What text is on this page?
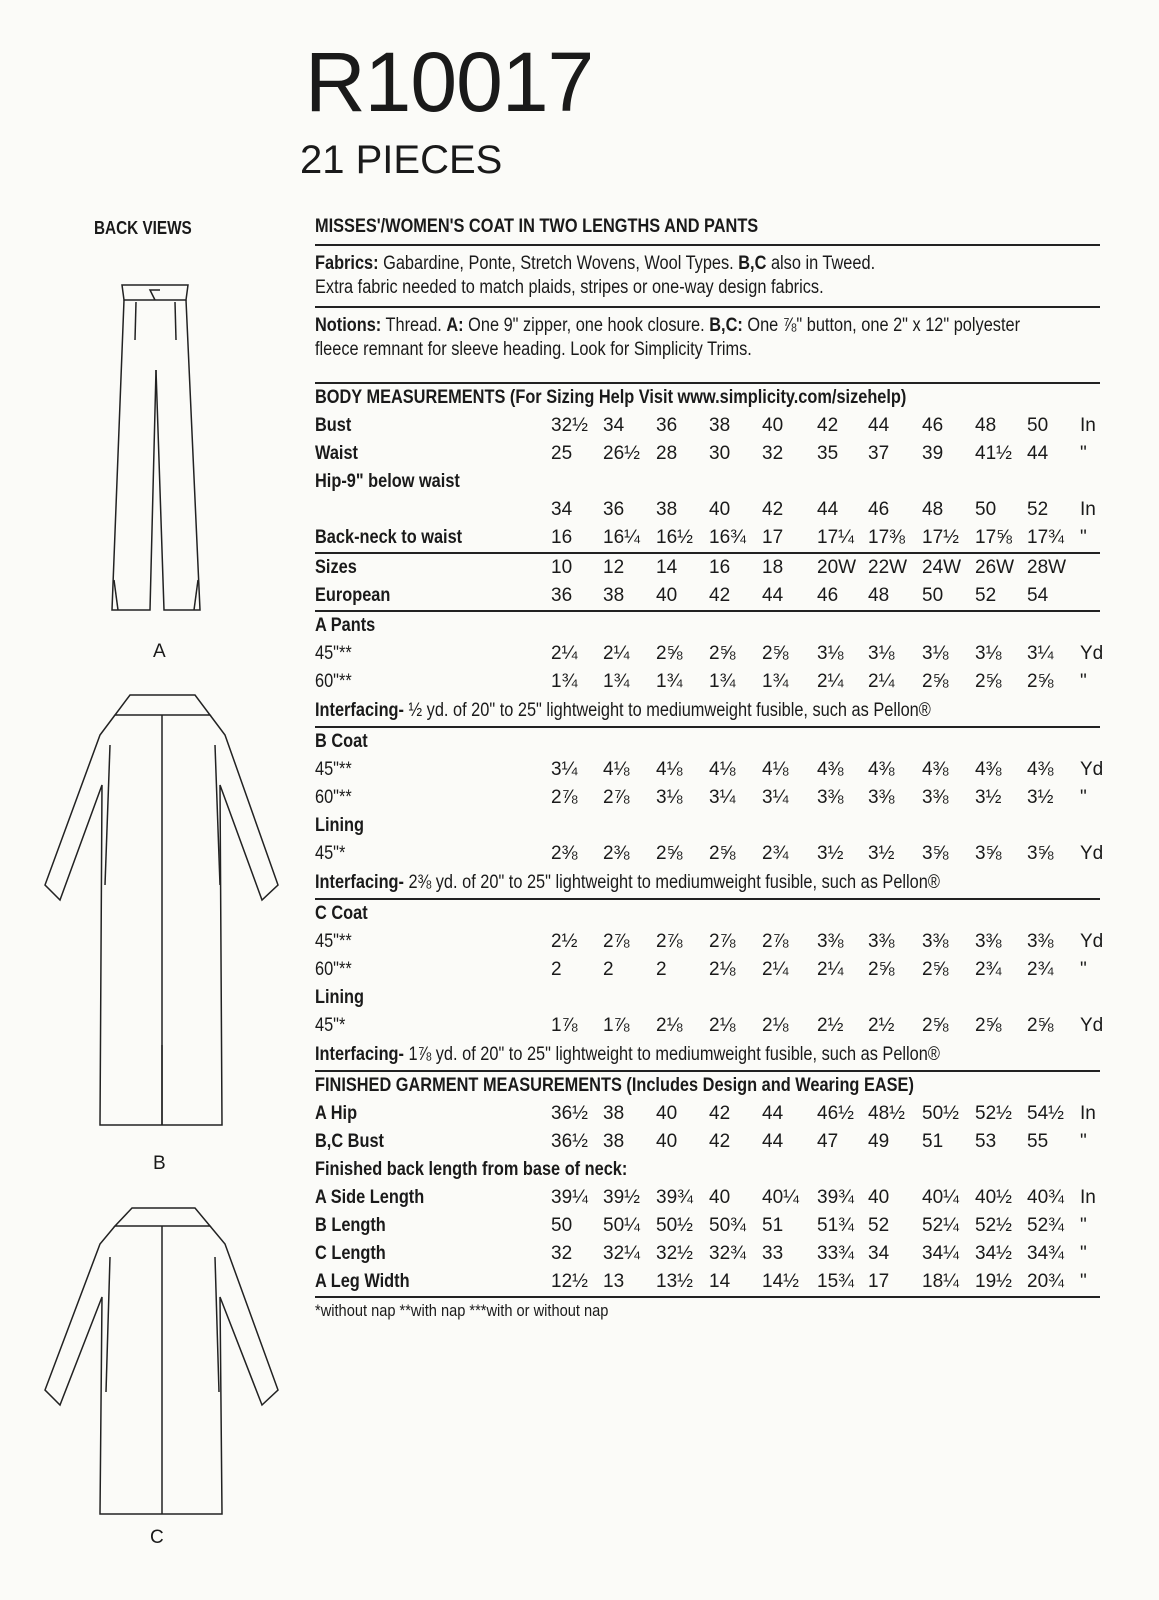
R10017
21 PIECES
BACK VIEWS
A
B
C
MISSES'/WOMEN'S COAT IN TWO LENGTHS AND PANTS
Fabrics: Gabardine, Ponte, Stretch Wovens, Wool Types. B,C also in Tweed.
Extra fabric needed to match plaids, stripes or one-way design fabrics.
Notions: Thread. A: One 9" zipper, one hook closure. B,C: One ⅞" button, one 2" x 12" polyester
fleece remnant for sleeve heading. Look for Simplicity Trims.
BODY MEASUREMENTS (For Sizing Help Visit www.simplicity.com/sizehelp)
Bust	32½ 34	36	38	40	42	44	46	48	50	In
Waist	25	26½ 28	30	32	35	37	39	41½ 44	"
Hip-9" below waist
34	36	38	40	42	44	46	48	50	52	In
Back-neck to waist	16	16¼ 16½ 16¾ 17	17¼ 17⅜ 17½ 17⅝ 17¾ "
Sizes	10	12	14	16	18	20W 22W 24W 26W 28W
European	36	38	40	42	44	46	48	50	52	54
A Pants
45"**	2¼	2¼	2⅝	2⅝	2⅝	3⅛	3⅛	3⅛	3⅛	3¼	Yd
60"**	1¾	1¾	1¾	1¾	1¾	2¼	2¼	2⅝	2⅝	2⅝	"
Interfacing- ½ yd. of 20" to 25" lightweight to mediumweight fusible, such as Pellon®
B Coat
45"**	3¼	4⅛	4⅛	4⅛	4⅛	4⅜	4⅜	4⅜	4⅜	4⅜	Yd
60"**	2⅞	2⅞	3⅛	3¼	3¼	3⅜	3⅜	3⅜	3½	3½	"
Lining
45"*	2⅜	2⅜	2⅝	2⅝	2¾	3½	3½	3⅝	3⅝	3⅝	Yd
Interfacing- 2⅜ yd. of 20" to 25" lightweight to mediumweight fusible, such as Pellon®
C Coat
45"**	2½	2⅞	2⅞	2⅞	2⅞	3⅜	3⅜	3⅜	3⅜	3⅜	Yd
60"**	2	2	2	2⅛	2¼	2¼	2⅝	2⅝	2¾	2¾	"
Lining
45"*	1⅞	1⅞	2⅛	2⅛	2⅛	2½	2½	2⅝	2⅝	2⅝	Yd
Interfacing- 1⅞ yd. of 20" to 25" lightweight to mediumweight fusible, such as Pellon®
FINISHED GARMENT MEASUREMENTS (Includes Design and Wearing EASE)
A Hip	36½ 38	40	42	44	46½ 48½ 50½ 52½ 54½ In
B,C Bust	36½ 38	40	42	44	47	49	51	53	55	"
Finished back length from base of neck:
A Side Length	39¼ 39½ 39¾ 40	40¼ 39¾ 40	40¼ 40½ 40¾ In
B Length	50	50¼ 50½ 50¾ 51	51¾ 52	52¼ 52½ 52¾ "
C Length	32	32¼ 32½ 32¾ 33	33¾ 34	34¼ 34½ 34¾ "
A Leg Width	12½ 13	13½ 14	14½ 15¾ 17	18¼ 19½ 20¾ "
*without nap **with nap ***with or without nap
